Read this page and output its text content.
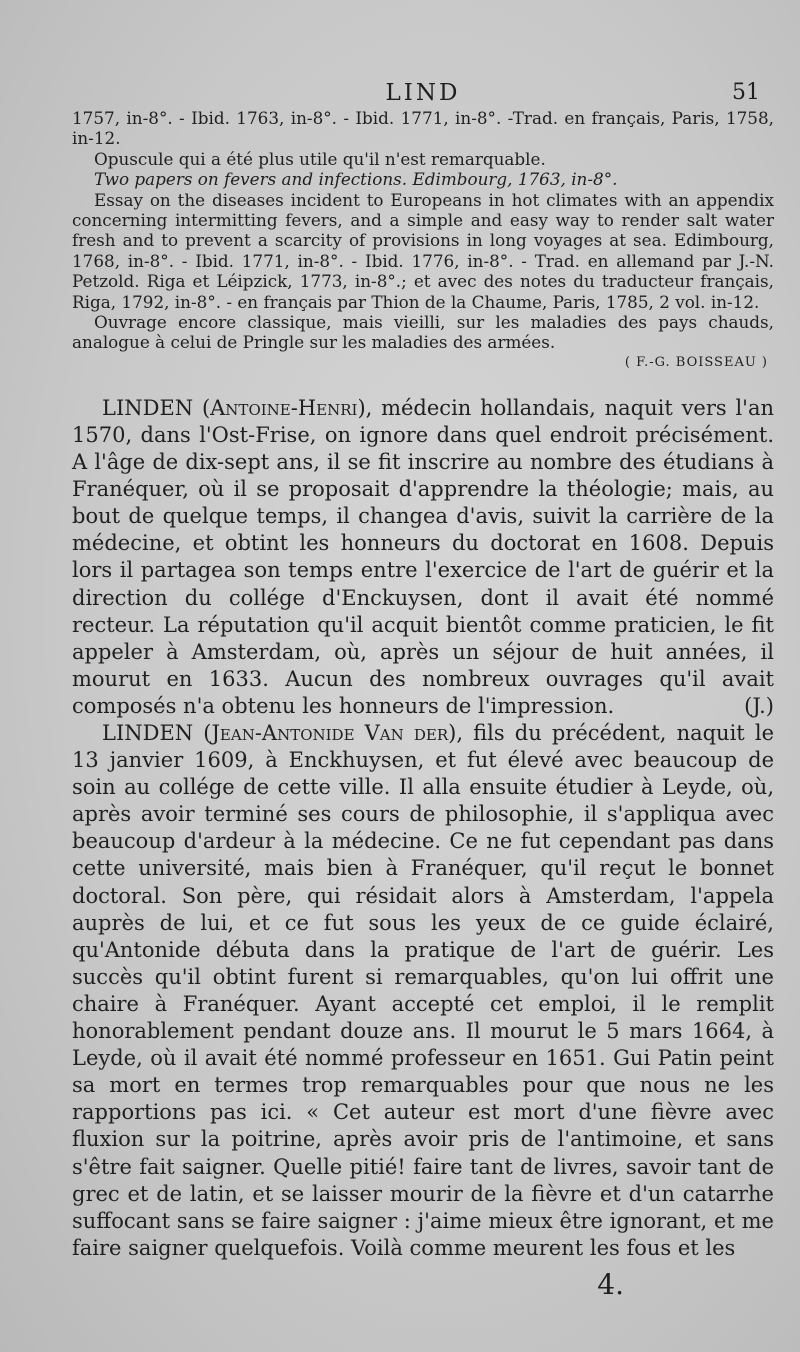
LIND	51

1757, in-8°. - Ibid. 1763, in-8°. - Ibid. 1771, in-8°. -Trad. en français, Paris, 1758, in-12.

Opuscule qui a été plus utile qu'il n'est remarquable.

Two papers on fevers and infections. Edimbourg, 1763, in-8°.

Essay on the diseases incident to Europeans in hot climates with an appendix concerning intermitting fevers, and a simple and easy way to render salt water fresh and to prevent a scarcity of provisions in long voyages at sea. Edimbourg, 1768, in-8°. - Ibid. 1771, in-8°. - Ibid. 1776, in-8°. - Trad. en allemand par J.-N. Petzold. Riga et Léipzick, 1773, in-8°.; et avec des notes du traducteur français, Riga, 1792, in-8°. - en français par Thion de la Chaume, Paris, 1785, 2 vol. in-12.

Ouvrage encore classique, mais vieilli, sur les maladies des pays chauds, analogue à celui de Pringle sur les maladies des armées.

( F.-G. BOISSEAU )

LINDEN (Antoine-Henri), médecin hollandais, naquit vers l'an 1570, dans l'Ost-Frise, on ignore dans quel endroit précisément. A l'âge de dix-sept ans, il se fit inscrire au nombre des étudians à Franéquer, où il se proposait d'apprendre la théologie; mais, au bout de quelque temps, il changea d'avis, suivit la carrière de la médecine, et obtint les honneurs du doctorat en 1608. Depuis lors il partagea son temps entre l'exercice de l'art de guérir et la direction du collége d'Enckuysen, dont il avait été nommé recteur. La réputation qu'il acquit bientôt comme praticien, le fit appeler à Amsterdam, où, après un séjour de huit années, il mourut en 1633. Aucun des nombreux ouvrages qu'il avait composés n'a obtenu les honneurs de l'impression.	(J.)

LINDEN (Jean-Antonide Van der), fils du précédent, naquit le 13 janvier 1609, à Enckhuysen, et fut élevé avec beaucoup de soin au collége de cette ville. Il alla ensuite étudier à Leyde, où, après avoir terminé ses cours de philosophie, il s'appliqua avec beaucoup d'ardeur à la médecine. Ce ne fut cependant pas dans cette université, mais bien à Franéquer, qu'il reçut le bonnet doctoral. Son père, qui résidait alors à Amsterdam, l'appela auprès de lui, et ce fut sous les yeux de ce guide éclairé, qu'Antonide débuta dans la pratique de l'art de guérir. Les succès qu'il obtint furent si remarquables, qu'on lui offrit une chaire à Franéquer. Ayant accepté cet emploi, il le remplit honorablement pendant douze ans. Il mourut le 5 mars 1664, à Leyde, où il avait été nommé professeur en 1651. Gui Patin peint sa mort en termes trop remarquables pour que nous ne les rapportions pas ici. « Cet auteur est mort d'une fièvre avec fluxion sur la poitrine, après avoir pris de l'antimoine, et sans s'être fait saigner. Quelle pitié! faire tant de livres, savoir tant de grec et de latin, et se laisser mourir de la fièvre et d'un catarrhe suffocant sans se faire saigner : j'aime mieux être ignorant, et me faire saigner quelquefois. Voilà comme meurent les fous et les

4.
